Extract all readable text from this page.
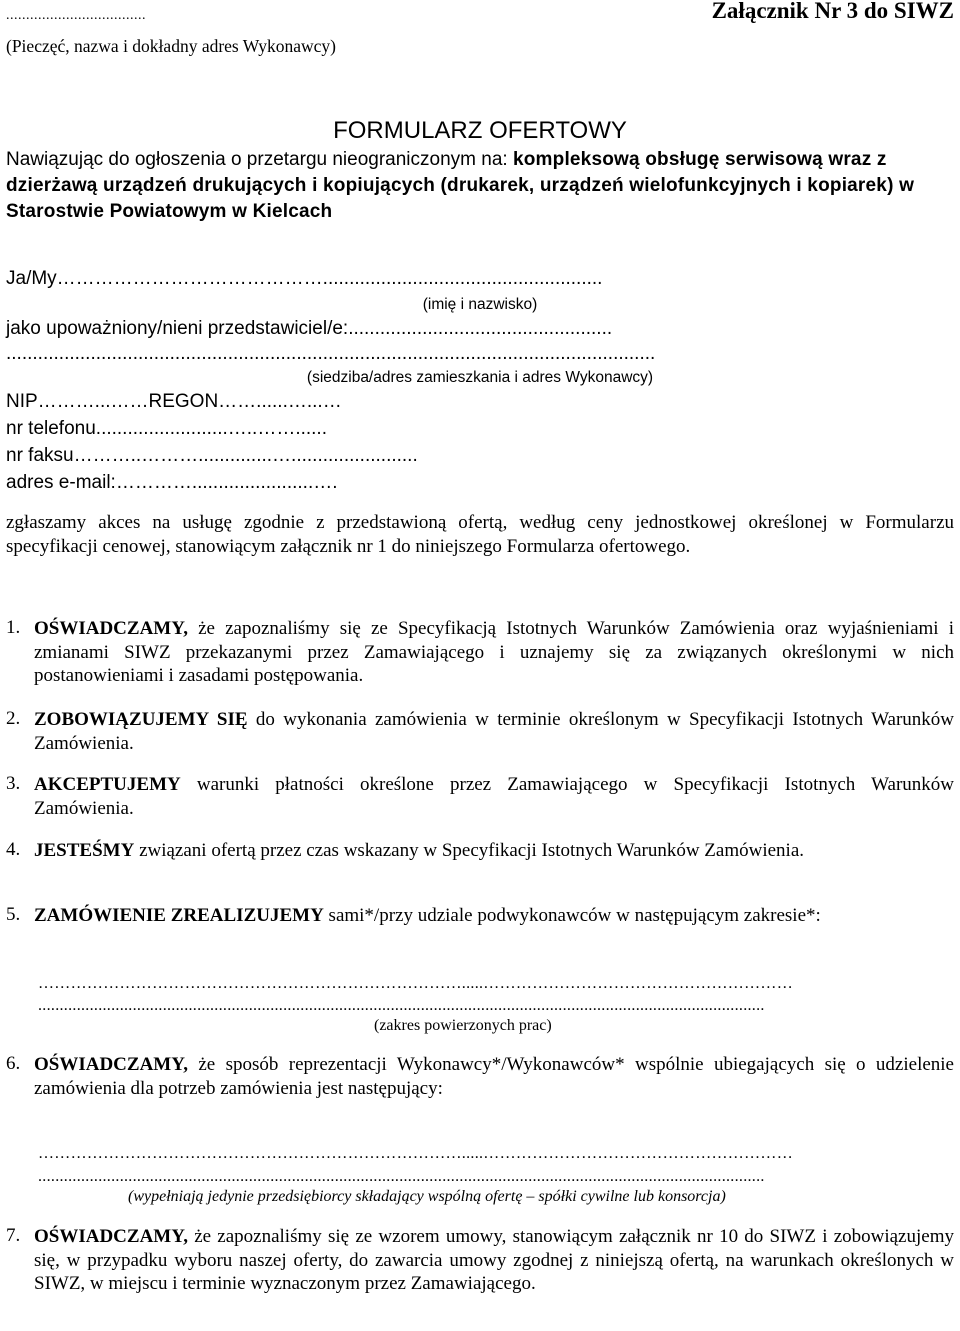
...................................
(Pieczęć, nazwa i dokładny adres Wykonawcy)
Załącznik Nr 3 do SIWZ
FORMULARZ OFERTOWY
Nawiązując do ogłoszenia o przetargu nieograniczonym na: kompleksową obsługę serwisową wraz z dzierżawą urządzeń drukujących i kopiujących (drukarek, urządzeń wielofunkcyjnych i kopiarek) w Starostwie Powiatowym w Kielcach
Ja/My…………………………………….....................................................
(imię i nazwisko)
jako upoważniony/nieni przedstawiciel/e:..................................................
...........................................................................................................................
(siedziba/adres zamieszkania i adres Wykonawcy)
NIP………...……REGON……......…...…
nr telefonu.........................…..……......
nr faksu………..………..............…........................
adres e-mail:………….......................….
zgłaszamy akces na usługę zgodnie z przedstawioną ofertą, według ceny jednostkowej określonej w Formularzu specyfikacji cenowej, stanowiącym załącznik nr 1 do niniejszego Formularza ofertowego.
1. OŚWIADCZAMY, że zapoznaliśmy się ze Specyfikacją Istotnych Warunków Zamówienia oraz wyjaśnieniami i zmianami SIWZ przekazanymi przez Zamawiającego i uznajemy się za związanych określonymi w nich postanowieniami i zasadami postępowania.
2. ZOBOWIĄZUJEMY SIĘ do wykonania zamówienia w terminie określonym w Specyfikacji Istotnych Warunków Zamówienia.
3. AKCEPTUJEMY warunki płatności określone przez Zamawiającego w Specyfikacji Istotnych Warunków Zamówienia.
4. JESTEŚMY związani ofertą przez czas wskazany w Specyfikacji Istotnych Warunków Zamówienia.
5. ZAMÓWIENIE ZREALIZUJEMY sami*/przy udziale podwykonawców w następującym zakresie*:
…………………………………………………………………….....…………………………………………………
.........................................................................................................................................................................
(zakres powierzonych prac)
6. OŚWIADCZAMY, że sposób reprezentacji Wykonawcy*/Wykonawców* wspólnie ubiegających się o udzielenie zamówienia dla potrzeb zamówienia jest następujący:
…………………………………………………………………….....…………………………………………………
.........................................................................................................................................................................
(wypełniają jedynie przedsiębiorcy składający wspólną ofertę – spółki cywilne lub konsorcja)
7. OŚWIADCZAMY, że zapoznaliśmy się ze wzorem umowy, stanowiącym załącznik nr 10 do SIWZ i zobowiązujemy się, w przypadku wyboru naszej oferty, do zawarcia umowy zgodnej z niniejszą ofertą, na warunkach określonych w SIWZ, w miejscu i terminie wyznaczonym przez Zamawiającego.
